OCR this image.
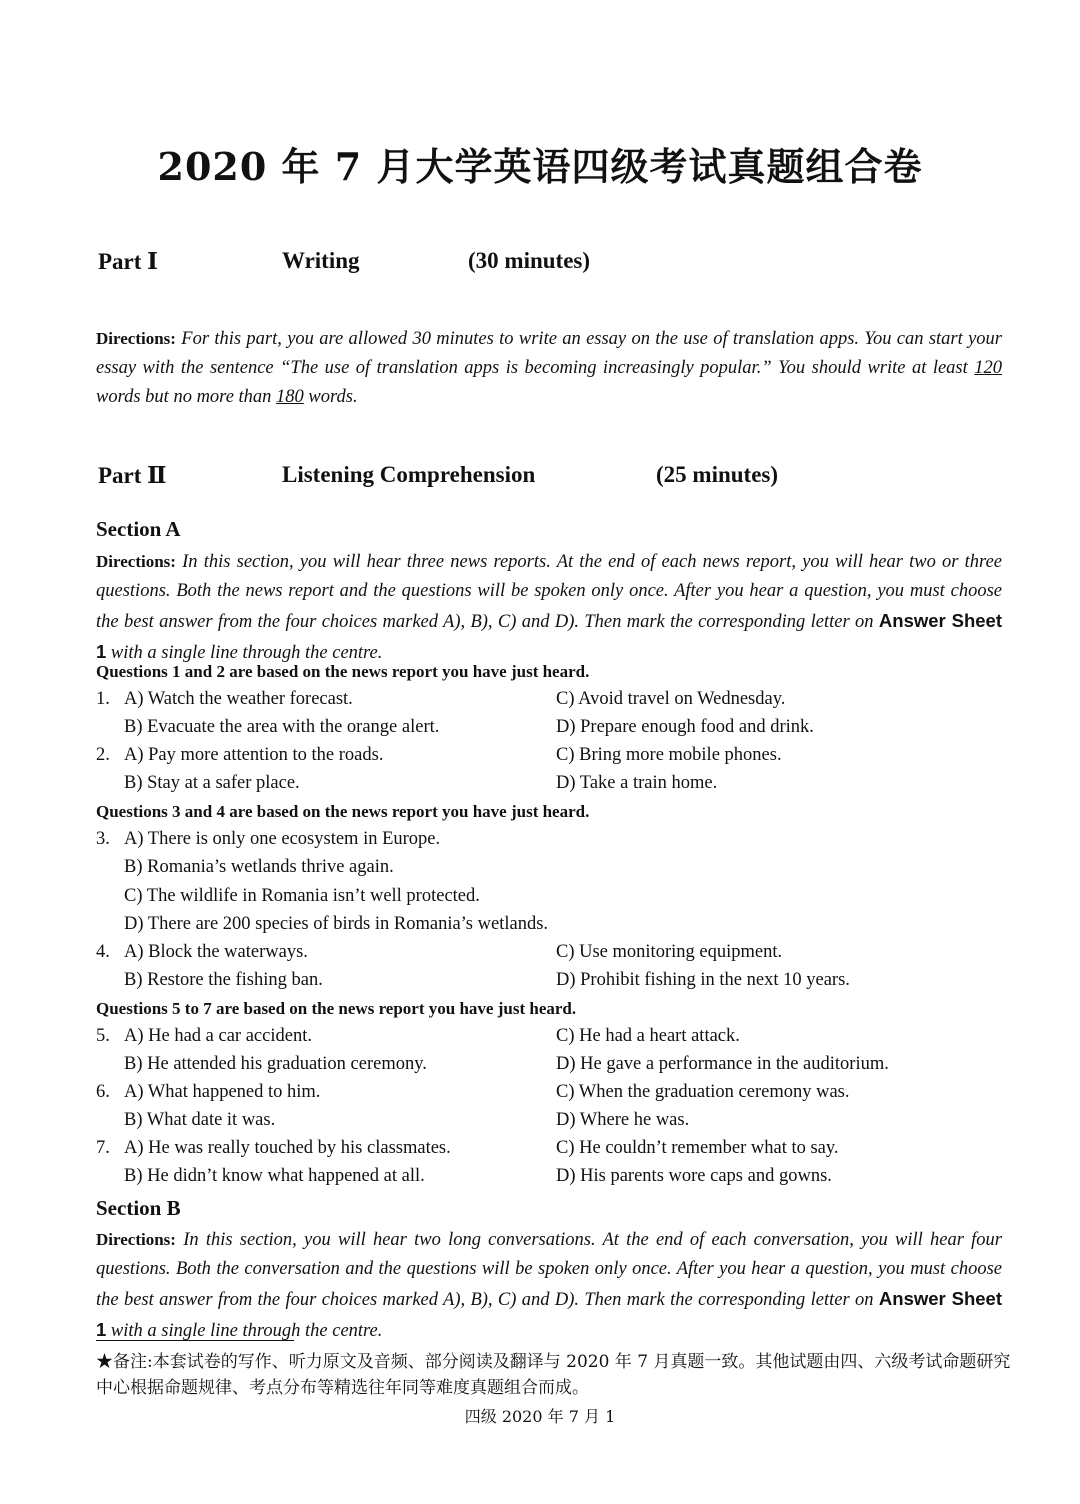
2020 年 7 月大学英语四级考试真题组合卷
Part Ⅰ	Writing	(30 minutes)
Directions: For this part, you are allowed 30 minutes to write an essay on the use of translation apps. You can start your essay with the sentence “The use of translation apps is becoming increasingly popular.” You should write at least 120 words but no more than 180 words.
Part Ⅱ	Listening Comprehension	(25 minutes)
Section A
Directions: In this section, you will hear three news reports. At the end of each news report, you will hear two or three questions. Both the news report and the questions will be spoken only once. After you hear a question, you must choose the best answer from the four choices marked A), B), C) and D). Then mark the corresponding letter on Answer Sheet 1 with a single line through the centre.
Questions 1 and 2 are based on the news report you have just heard.
1. A) Watch the weather forecast.	C) Avoid travel on Wednesday.
B) Evacuate the area with the orange alert.	D) Prepare enough food and drink.
2. A) Pay more attention to the roads.	C) Bring more mobile phones.
B) Stay at a safer place.	D) Take a train home.
Questions 3 and 4 are based on the news report you have just heard.
3. A) There is only one ecosystem in Europe.
B) Romania’s wetlands thrive again.
C) The wildlife in Romania isn’t well protected.
D) There are 200 species of birds in Romania’s wetlands.
4. A) Block the waterways.	C) Use monitoring equipment.
B) Restore the fishing ban.	D) Prohibit fishing in the next 10 years.
Questions 5 to 7 are based on the news report you have just heard.
5. A) He had a car accident.	C) He had a heart attack.
B) He attended his graduation ceremony.	D) He gave a performance in the auditorium.
6. A) What happened to him.	C) When the graduation ceremony was.
B) What date it was.	D) Where he was.
7. A) He was really touched by his classmates.	C) He couldn’t remember what to say.
B) He didn’t know what happened at all.	D) His parents wore caps and gowns.
Section B
Directions: In this section, you will hear two long conversations. At the end of each conversation, you will hear four questions. Both the conversation and the questions will be spoken only once. After you hear a question, you must choose the best answer from the four choices marked A), B), C) and D). Then mark the corresponding letter on Answer Sheet 1 with a single line through the centre.
★备注:本套试卷的写作、听力原文及音频、部分阅读及翻译与 2020 年 7 月真题一致。其他试题由四、六级考试命题研究中心根据命题规律、考点分布等精选往年同等难度真题组合而成。
四级 2020 年 7 月 1
